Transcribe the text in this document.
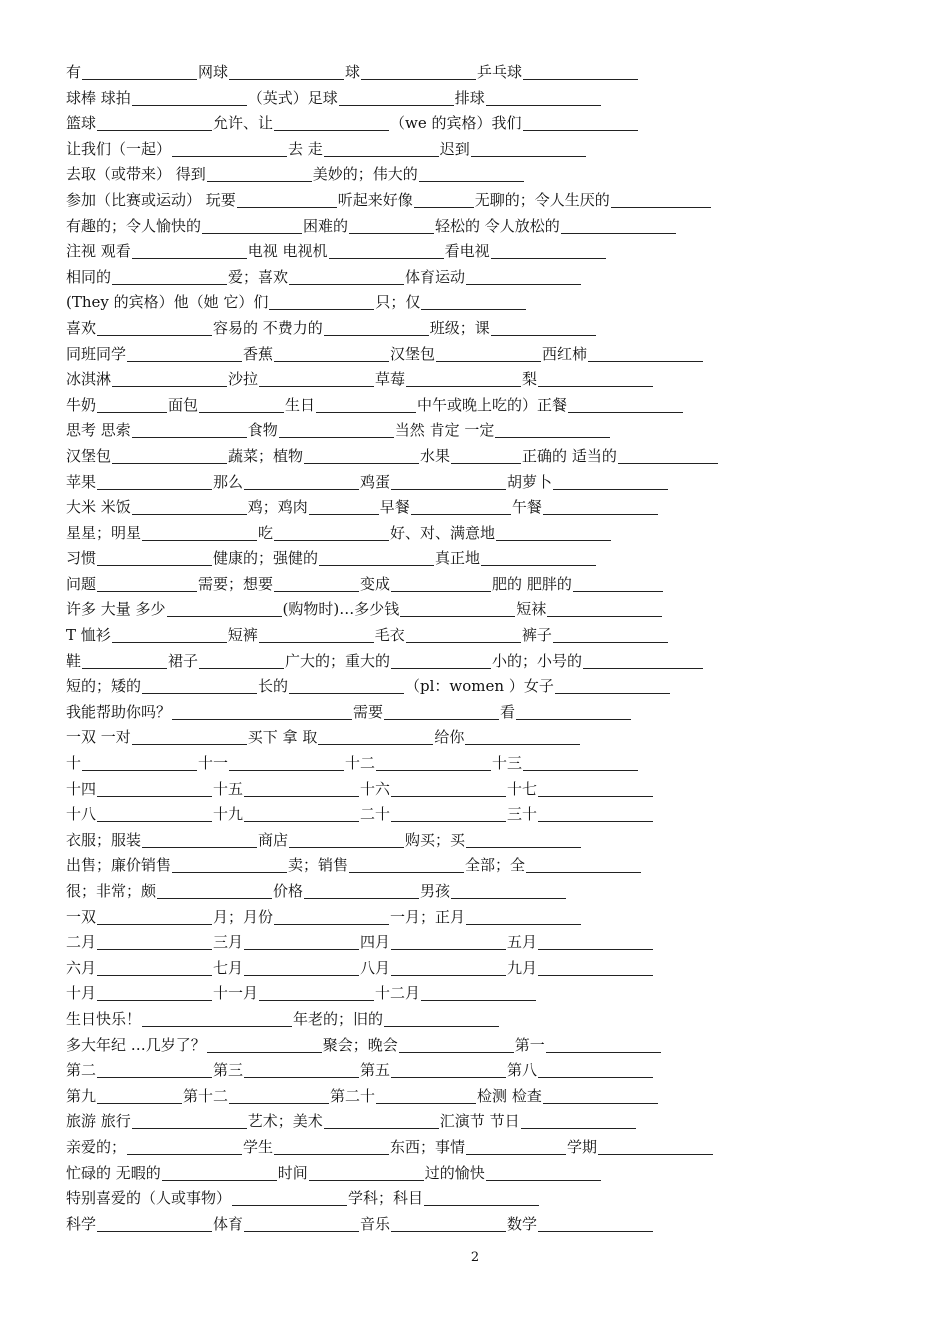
有	网球	球	乒乓球
球棒 球拍	（英式）足球	排球
篮球	允许、让	（we 的宾格）我们
让我们（一起）	去 走	迟到
去取（或带来） 得到	美妙的；伟大的
参加（比赛或运动） 玩要	听起来好像	无聊的；令人生厌的
有趣的；令人愉快的	困难的	轻松的 令人放松的
注视 观看	电视 电视机	看电视
相同的	爱；喜欢	体育运动
(They 的宾格）他（她 它）们	只；仅
喜欢	容易的 不费力的	班级；课
同班同学	香蕉	汉堡包	西红柿
冰淇淋	沙拉	草莓	梨
牛奶	面包	生日	中午或晚上吃的）正餐
思考 思索	食物	当然 肯定 一定
汉堡包	蔬菜；植物	水果	正确的 适当的
苹果	那么	鸡蛋	胡萝卜
大米 米饭	鸡；鸡肉	早餐	午餐
星星；明星	吃	好、对、满意地
习惯	健康的；强健的	真正地
问题	需要；想要	变成	肥的 肥胖的
许多 大量 多少	(购物时)…多少钱	短袜
T 恤衫	短裤	毛衣	裤子
鞋	裙子	广大的；重大的	小的；小号的
短的；矮的	长的	（pl：women ）女子
我能帮助你吗？	需要	看
一双 一对	买下 拿 取	给你
十	十一	十二	十三
十四	十五	十六	十七
十八	十九	二十	三十
衣服；服装	商店	购买；买
出售；廉价销售	卖；销售	全部；全
很；非常；颇	价格	男孩
一双	月；月份	一月；正月
二月	三月	四月	五月
六月	七月	八月	九月
十月	十一月	十二月
生日快乐！	年老的；旧的
多大年纪 …几岁了？	聚会；晚会	第一
第二	第三	第五	第八
第九	第十二	第二十	检测 检查
旅游 旅行	艺术；美术	汇演节 节日
亲爱的；	学生	东西；事情	学期
忙碌的 无暇的	时间	过的愉快
特别喜爱的（人或事物）	学科；科目
科学	体育	音乐	数学
2
